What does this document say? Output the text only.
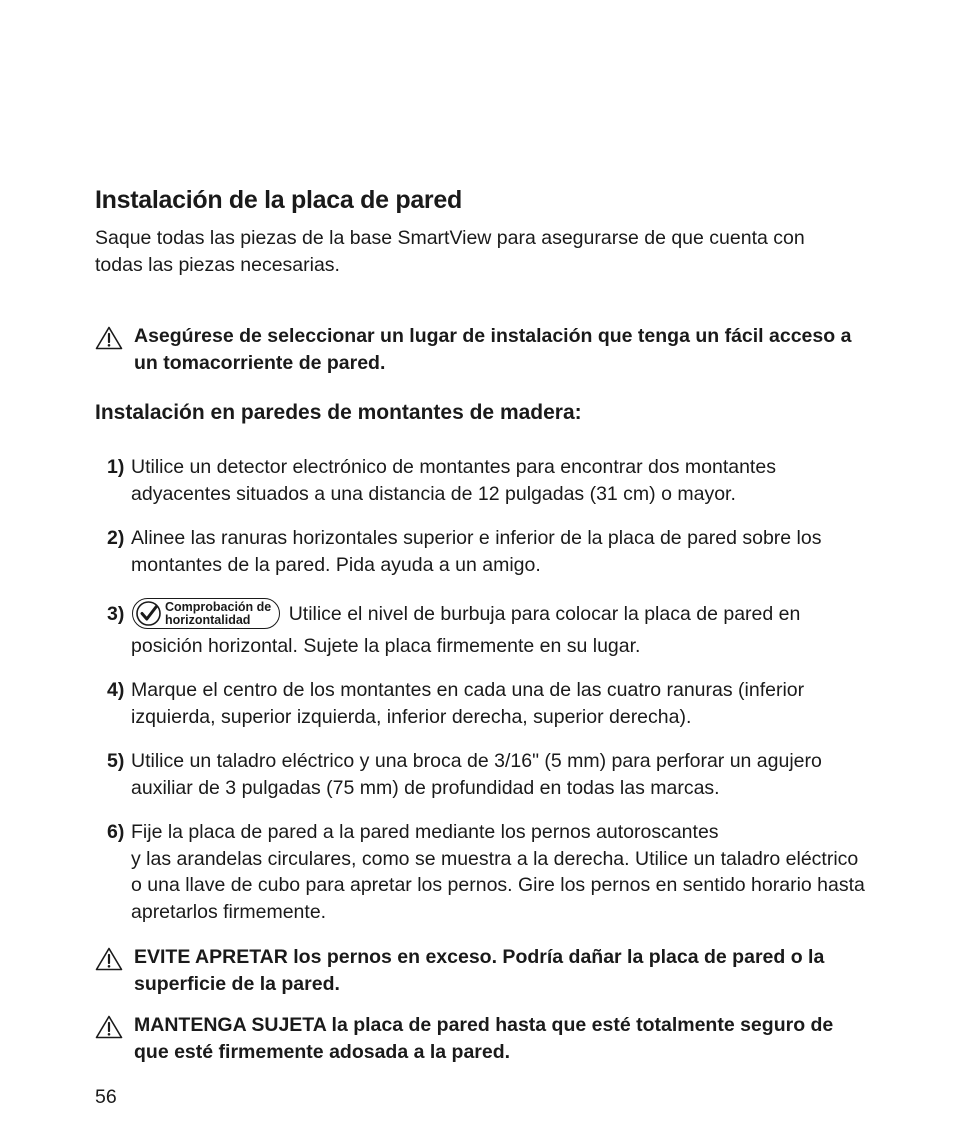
Instalación de la placa de pared

Saque todas las piezas de la base SmartView para asegurarse de que cuenta con todas las piezas necesarias.

Asegúrese de seleccionar un lugar de instalación que tenga un fácil acceso a un tomacorriente de pared.
Instalación en paredes de montantes de madera:
1) Utilice un detector electrónico de montantes para encontrar dos montantes adyacentes situados a una distancia de 12 pulgadas (31 cm) o mayor.
2) Alinee las ranuras horizontales superior e inferior de la placa de pared sobre los montantes de la pared. Pida ayuda a un amigo.
3)	Comprobación de
horizontalidad	Utilice el nivel de burbuja para colocar la placa de pared en posición horizontal. Sujete la placa firmemente en su lugar.
4) Marque el centro de los montantes en cada una de las cuatro ranuras (inferior izquierda, superior izquierda, inferior derecha, superior derecha).
5) Utilice un taladro eléctrico y una broca de 3/16" (5 mm) para perforar un agujero auxiliar de 3 pulgadas (75 mm) de profundidad en todas las marcas.
6) Fije la placa de pared a la pared mediante los pernos autoroscantes
y las arandelas circulares, como se muestra a la derecha. Utilice un taladro eléctrico o una llave de cubo para apretar los pernos. Gire los pernos en sentido horario hasta apretarlos firmemente.
EVITE APRETAR los pernos en exceso. Podría dañar la placa de pared o la superficie de la pared.
MANTENGA SUJETA la placa de pared hasta que esté totalmente seguro de que esté firmemente adosada a la pared.

56
